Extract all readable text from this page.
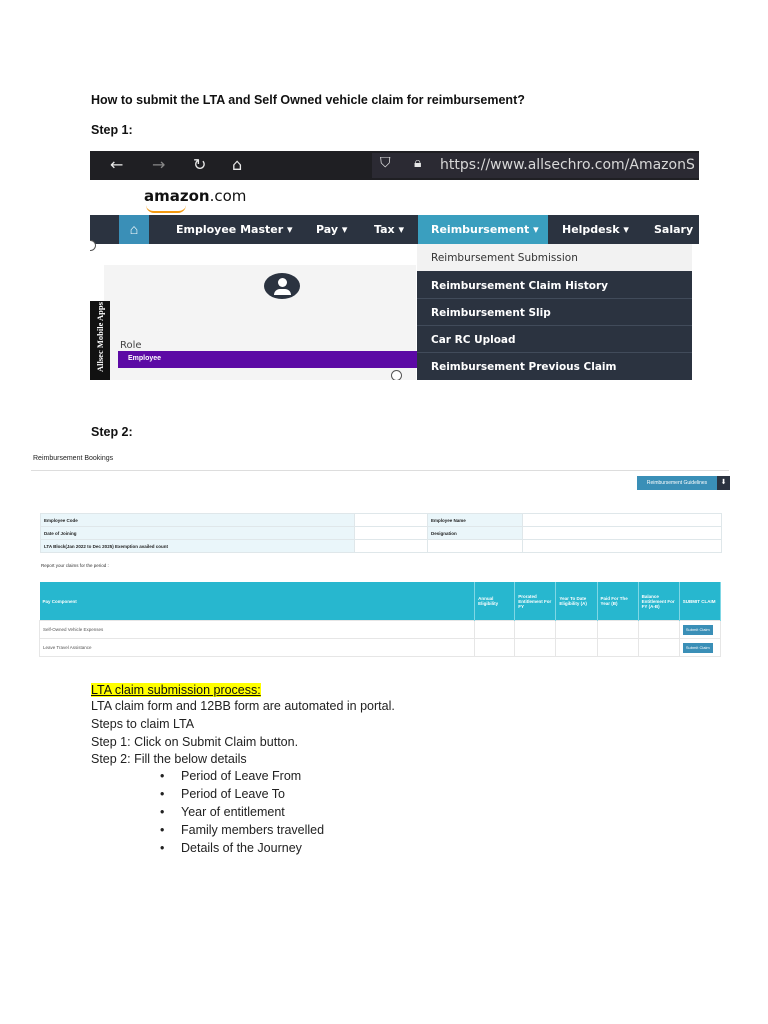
How to submit the LTA and Self Owned vehicle claim for reimbursement?
Step 1:
← → ↻ ⌂	⛉ 🔒︎ https://www.allsechro.com/AmazonS
amazon.com
⌂	Employee Master ▾ Pay ▾ Tax ▾ Reimbursement ▾ Helpdesk ▾ Salary
Role
Employee
Allsec Mobile Apps
Reimbursement Submission
Reimbursement Claim History
Reimbursement Slip
Car RC Upload
Reimbursement Previous Claim
Step 2:
Reimbursement Bookings
Reimbursement Guidelines	⬇
Employee Code		Employee Name	
Date of Joining		Designation	
LTA Block(Jan 2022 to Dec 2025) Exemption availed count			
Report your claims for the period :
Pay Component	Annual Eligibility	Prorated Entitlement For FY	Year To Date Eligibility (A)	Paid For The Year (B)	Balance Entitlement For FY (A-B)	SUBMIT CLAIM
Self-Owned Vehicle Expenses						Submit Claim
Leave Travel Assistance						Submit Claim
LTA claim submission process:
LTA claim form and 12BB form are automated in portal.
Steps to claim LTA
Step 1: Click on Submit Claim button.
Step 2: Fill the below details
• Period of Leave From
• Period of Leave To
• Year of entitlement
• Family members travelled
• Details of the Journey
